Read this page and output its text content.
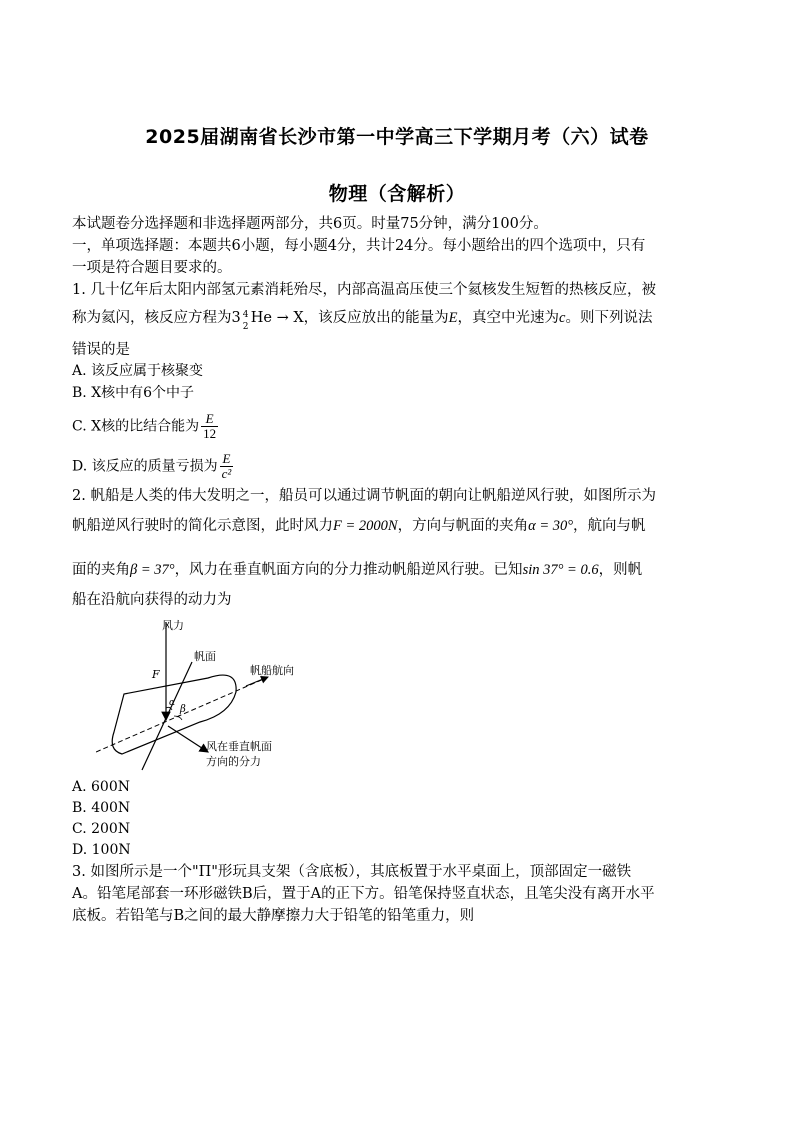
2025届湖南省长沙市第一中学高三下学期月考（六）试卷
物理（含解析）
本试题卷分选择题和非选择题两部分，共6页。时量75分钟，满分100分。
一，单项选择题：本题共6小题，每小题4分，共计24分。每小题给出的四个选项中，只有
一项是符合题目要求的。
1. 几十亿年后太阳内部氢元素消耗殆尽，内部高温高压使三个氦核发生短暂的热核反应，被
称为氦闪，核反应方程为3 4
2
He → X，该反应放出的能量为E，真空中光速为c。则下列说法
错误的是
A. 该反应属于核聚变
B. X核中有6个中子
C. X核的比结合能为 $\frac{E}{12}$
D. 该反应的质量亏损为 $\frac{E}{\text{c²}}$
2. 帆船是人类的伟大发明之一，船员可以通过调节帆面的朝向让帆船逆风行驶，如图所示为
帆船逆风行驶时的简化示意图，此时风力F = 2000N，方向与帆面的夹角α = 30°，航向与帆
面的夹角β = 37°，风力在垂直帆面方向的分力推动帆船逆风行驶。已知sin 37° = 0.6，则帆
船在沿航向获得的动力为
风力
F
帆面
帆船航向
α
β
风在垂直帆面
方向的分力
A. 600N
B. 400N
C. 200N
D. 100N
3. 如图所示是一个"Π"形玩具支架（含底板），其底板置于水平桌面上，顶部固定一磁铁
A。铅笔尾部套一环形磁铁B后，置于A的正下方。铅笔保持竖直状态，且笔尖没有离开水平
底板。若铅笔与B之间的最大静摩擦力大于铅笔的铅笔重力，则
